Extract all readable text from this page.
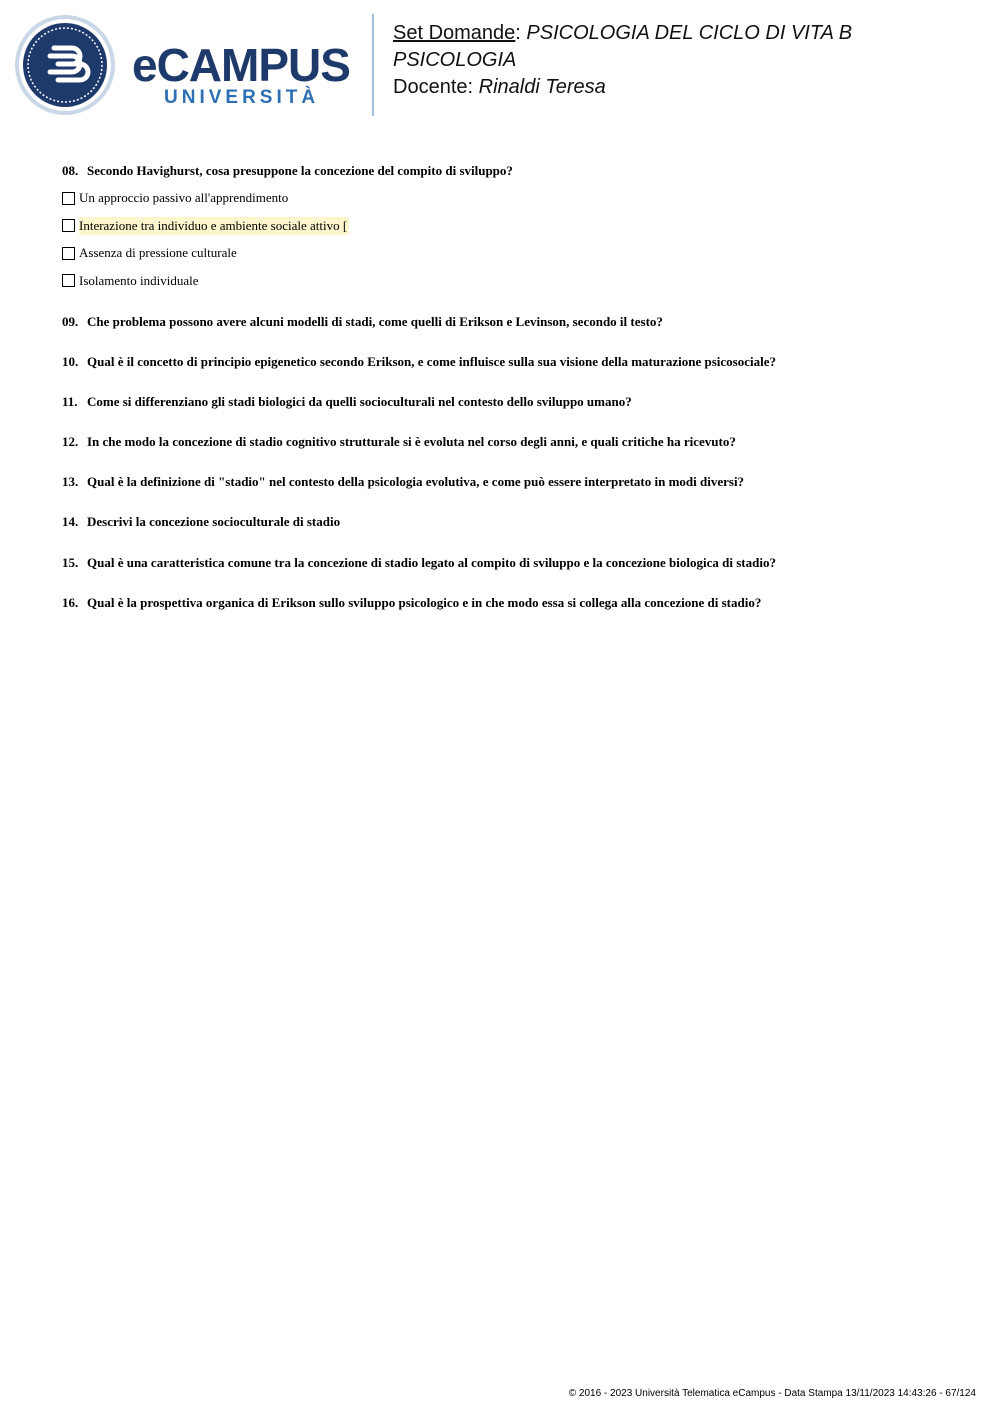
eCAMPUS
UNIVERSITÀ
Set Domande: PSICOLOGIA DEL CICLO DI VITA B
PSICOLOGIA
Docente: Rinaldi Teresa
08. Secondo Havighurst, cosa presuppone la concezione del compito di sviluppo?
Un approccio passivo all'apprendimento
Interazione tra individuo e ambiente sociale attivo [
Assenza di pressione culturale
Isolamento individuale
09. Che problema possono avere alcuni modelli di stadi, come quelli di Erikson e Levinson, secondo il testo?
10. Qual è il concetto di principio epigenetico secondo Erikson, e come influisce sulla sua visione della maturazione psicosociale?
11. Come si differenziano gli stadi biologici da quelli socioculturali nel contesto dello sviluppo umano?
12. In che modo la concezione di stadio cognitivo strutturale si è evoluta nel corso degli anni, e quali critiche ha ricevuto?
13. Qual è la definizione di "stadio" nel contesto della psicologia evolutiva, e come può essere interpretato in modi diversi?
14. Descrivi la concezione socioculturale di stadio
15. Qual è una caratteristica comune tra la concezione di stadio legato al compito di sviluppo e la concezione biologica di stadio?
16. Qual è la prospettiva organica di Erikson sullo sviluppo psicologico e in che modo essa si collega alla concezione di stadio?
© 2016 - 2023 Università Telematica eCampus - Data Stampa 13/11/2023 14:43:26 - 67/124
